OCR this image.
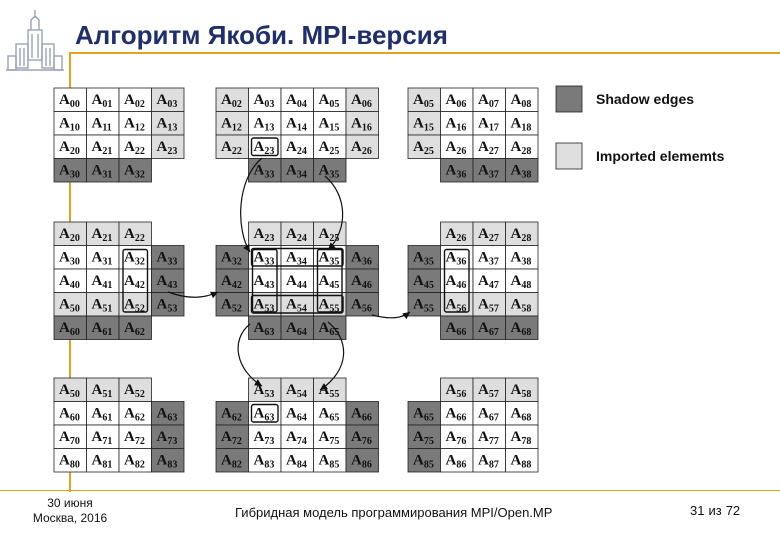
Алгоритм Якоби. MPI-версия
$A_{00}$ $A_{01}$ $A_{02}$ $A_{03}$
$A_{10}$ $A_{11}$ $A_{12}$ $A_{13}$
$A_{20}$ $A_{21}$ $A_{22}$ $A_{23}$
$A_{30}$ $A_{31}$ $A_{32}$
$A_{02}$ $A_{03}$ $A_{04}$ $A_{05}$ $A_{06}$
$A_{12}$ $A_{13}$ $A_{14}$ $A_{15}$ $A_{16}$
$A_{22}$ $A_{23}$ $A_{24}$ $A_{25}$ $A_{26}$
$A_{33}$ $A_{34}$ $A_{35}$
$A_{05}$ $A_{06}$ $A_{07}$ $A_{08}$
$A_{15}$ $A_{16}$ $A_{17}$ $A_{18}$
$A_{25}$ $A_{26}$ $A_{27}$ $A_{28}$
$A_{36}$ $A_{37}$ $A_{38}$
$A_{20}$ $A_{21}$ $A_{22}$
$A_{30}$ $A_{31}$ $A_{32}$ $A_{33}$
$A_{40}$ $A_{41}$ $A_{42}$ $A_{43}$
$A_{50}$ $A_{51}$ $A_{52}$ $A_{53}$
$A_{60}$ $A_{61}$ $A_{62}$
$A_{23}$ $A_{24}$ $A_{25}$
$A_{32}$ $A_{33}$ $A_{34}$ $A_{35}$ $A_{36}$
$A_{42}$ $A_{43}$ $A_{44}$ $A_{45}$ $A_{46}$
$A_{52}$ $A_{53}$ $A_{54}$ $A_{55}$ $A_{56}$
$A_{63}$ $A_{64}$ $A_{65}$
$A_{26}$ $A_{27}$ $A_{28}$
$A_{35}$ $A_{36}$ $A_{37}$ $A_{38}$
$A_{45}$ $A_{46}$ $A_{47}$ $A_{48}$
$A_{55}$ $A_{56}$ $A_{57}$ $A_{58}$
$A_{66}$ $A_{67}$ $A_{68}$
$A_{50}$ $A_{51}$ $A_{52}$
$A_{60}$ $A_{61}$ $A_{62}$ $A_{63}$
$A_{70}$ $A_{71}$ $A_{72}$ $A_{73}$
$A_{80}$ $A_{81}$ $A_{82}$ $A_{83}$
$A_{53}$ $A_{54}$ $A_{55}$
$A_{62}$ $A_{63}$ $A_{64}$ $A_{65}$ $A_{66}$
$A_{72}$ $A_{73}$ $A_{74}$ $A_{75}$ $A_{76}$
$A_{82}$ $A_{83}$ $A_{84}$ $A_{85}$ $A_{86}$
$A_{56}$ $A_{57}$ $A_{58}$
$A_{65}$ $A_{66}$ $A_{67}$ $A_{68}$
$A_{75}$ $A_{76}$ $A_{77}$ $A_{78}$
$A_{85}$ $A_{86}$ $A_{87}$ $A_{88}$
Shadow edges
Imported elememts
30 июня
Москва, 2016	Гибридная модель программирования MPI/Open.MP	31 из 72
